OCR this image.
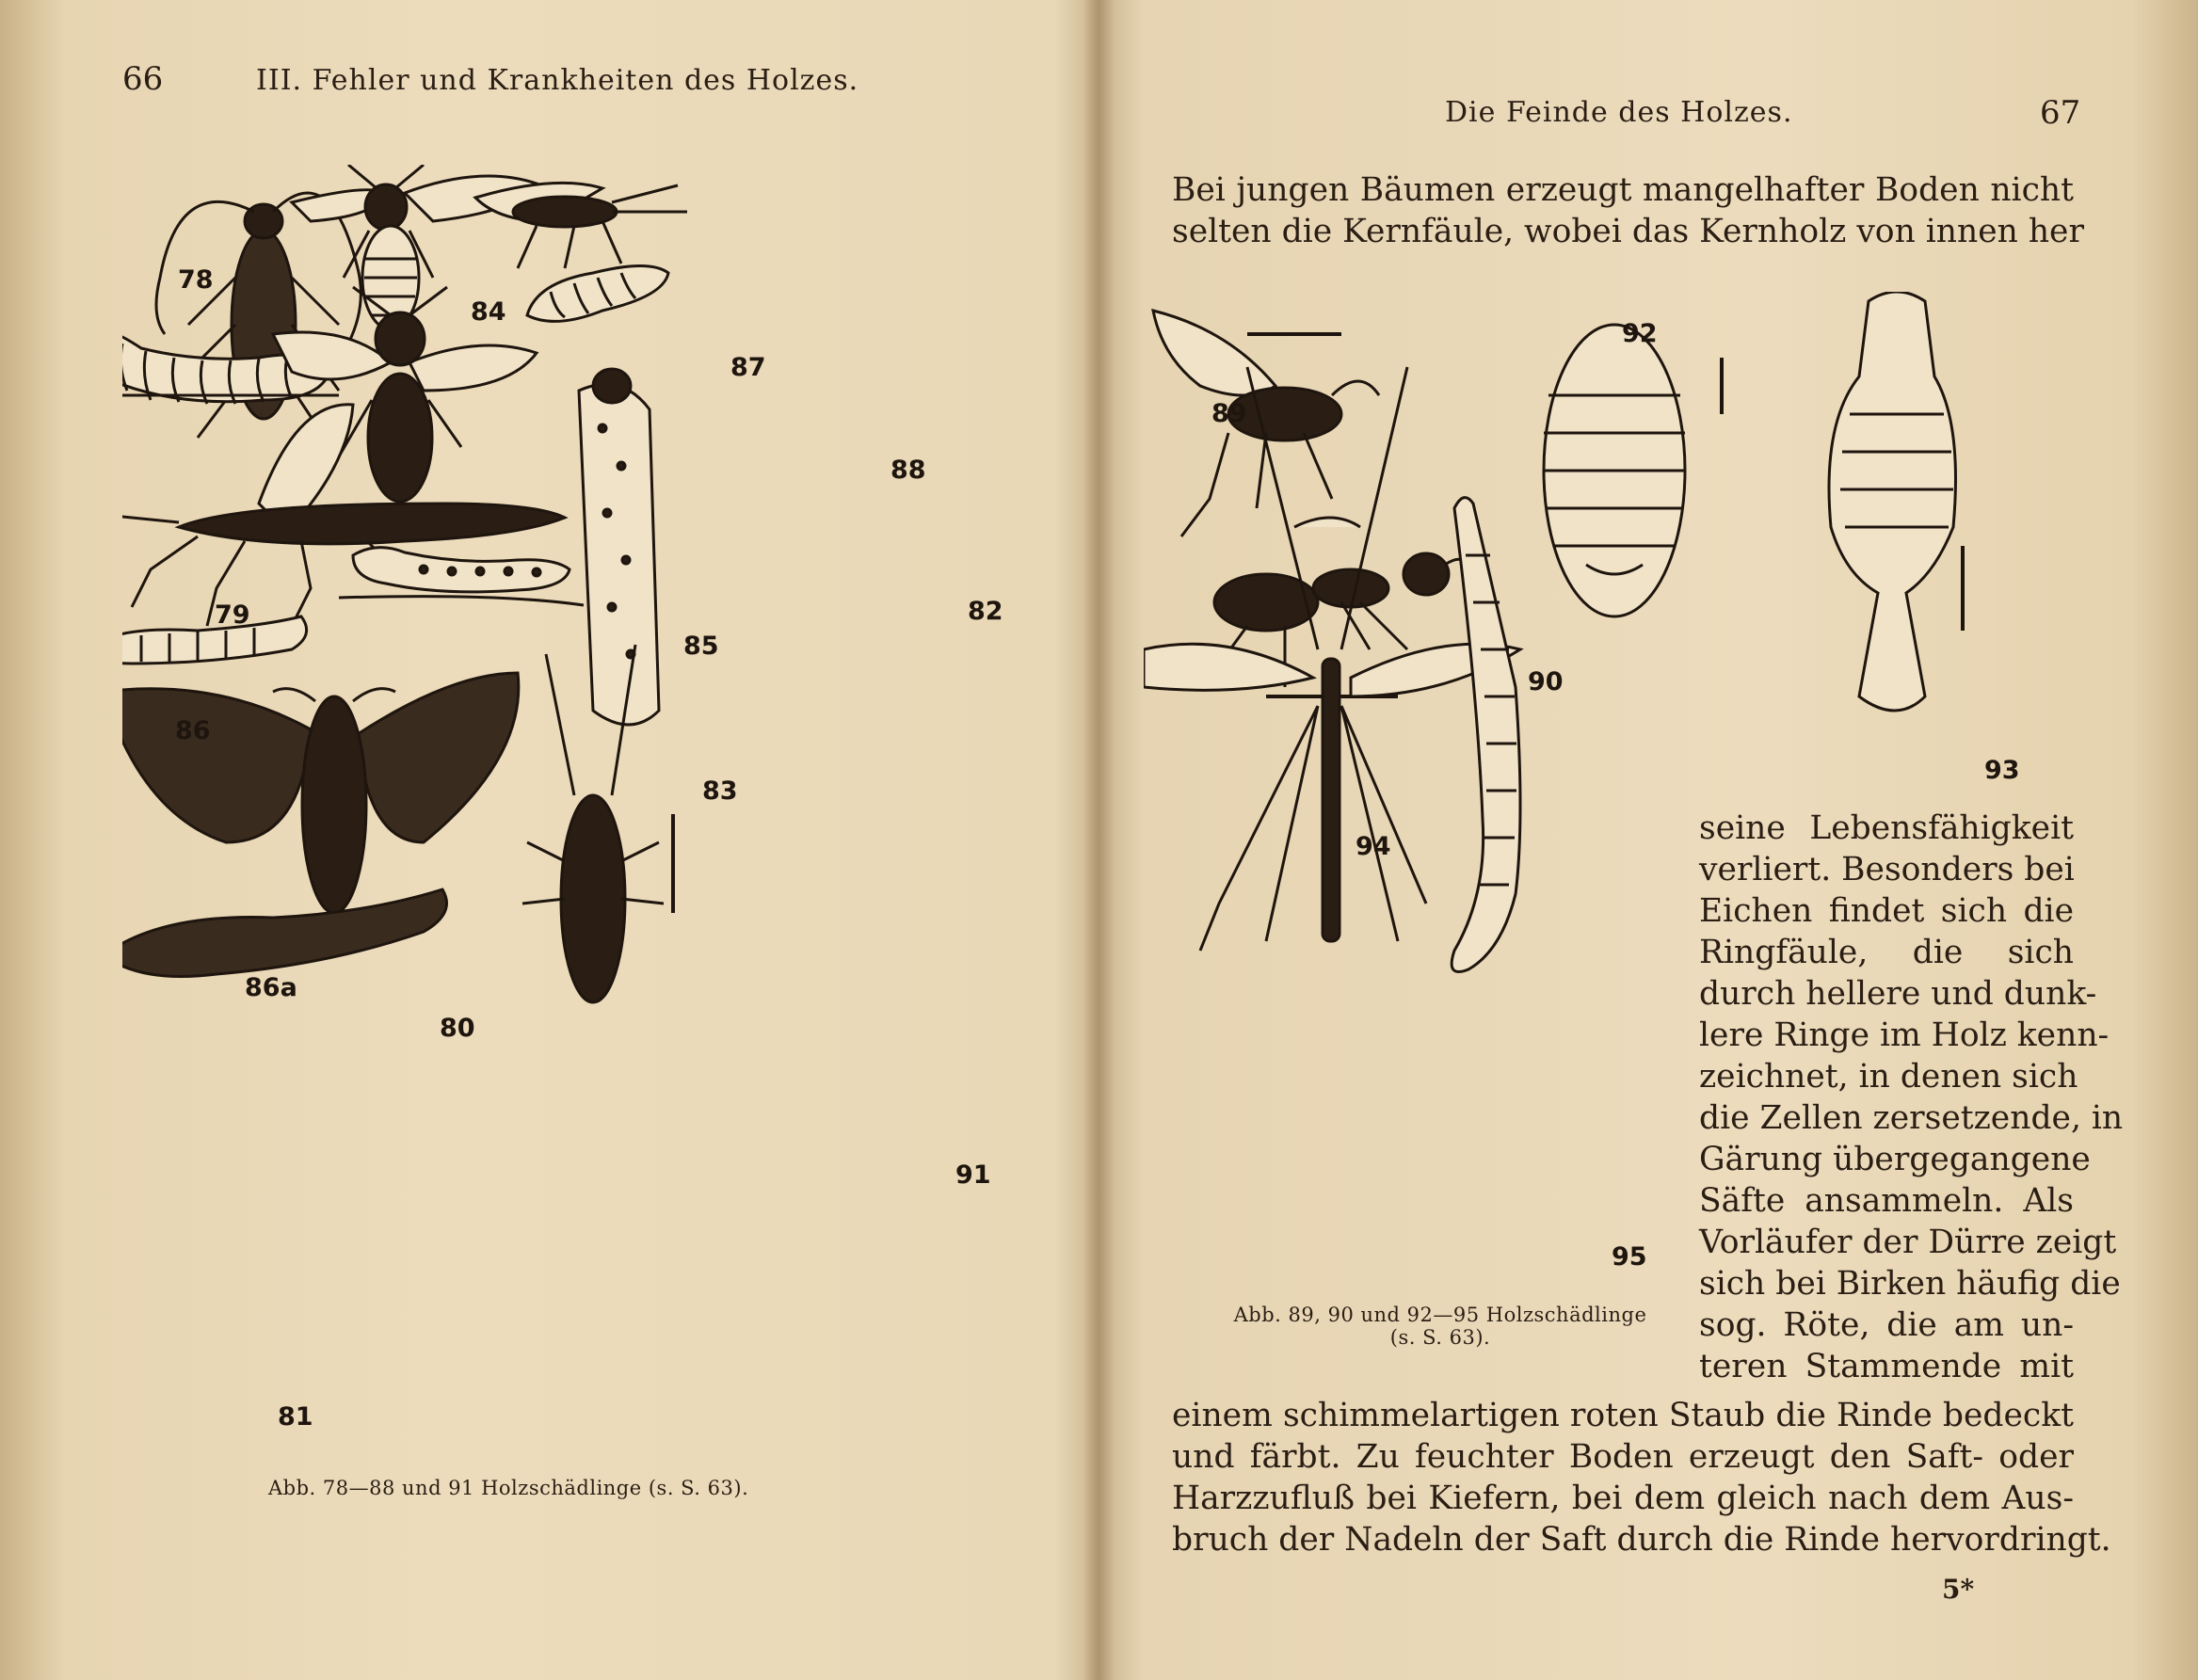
66	III. Fehler und Krankheiten des Holzes.
78
84
87
88
79
85
82
86
83
86a
80
91
81
Abb. 78—88 und 91 Holzschädlinge (s. S. 63).
Die Feinde des Holzes.	67
Bei jungen Bäumen erzeugt mangelhafter Boden nicht
selten die Kernfäule, wobei das Kernholz von innen her
89
92
90
93
94
95
Abb. 89, 90 und 92—95 Holzschädlinge
(s. S. 63).
seine Lebensfähigkeit
verliert. Besonders bei
Eichen findet sich die
Ringfäule, die sich
durch hellere und dunk-
lere Ringe im Holz kenn-
zeichnet, in denen sich
die Zellen zersetzende, in
Gärung übergegangene
Säfte ansammeln. Als
Vorläufer der Dürre zeigt
sich bei Birken häufig die
sog. Röte, die am un-
teren Stammende mit
einem schimmelartigen roten Staub die Rinde bedeckt
und färbt. Zu feuchter Boden erzeugt den Saft- oder
Harzzufluß bei Kiefern, bei dem gleich nach dem Aus-
bruch der Nadeln der Saft durch die Rinde hervordringt.
5*
